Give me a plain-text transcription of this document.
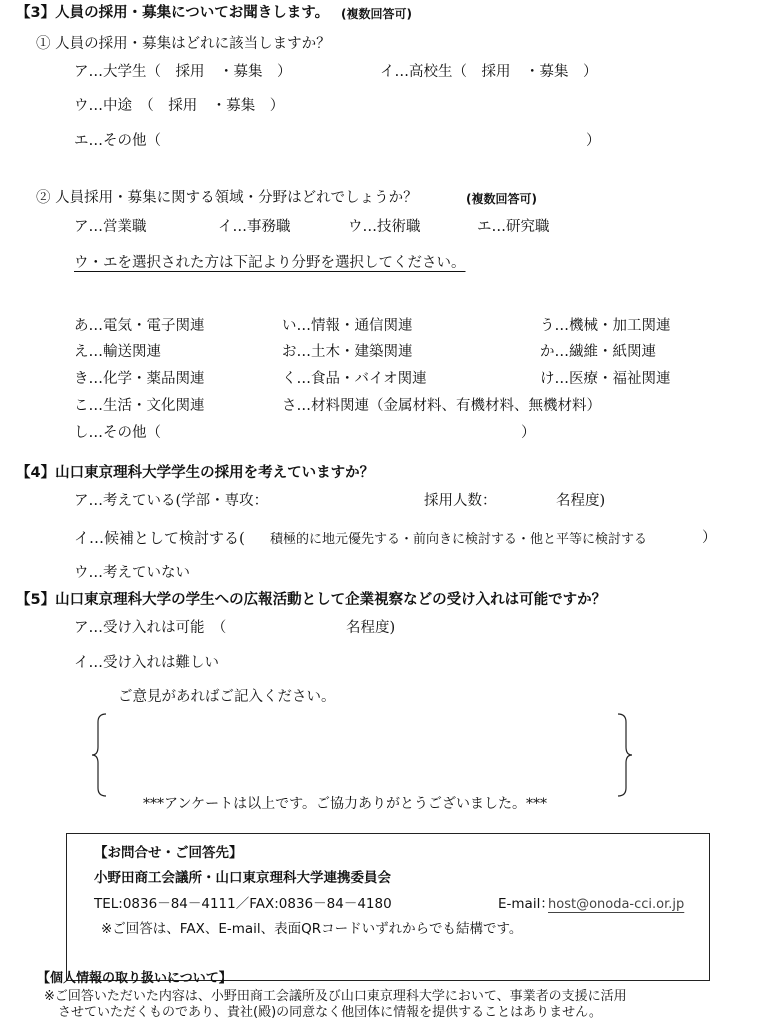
【3】人員の採用・募集についてお聞きします。 (複数回答可)
① 人員の採用・募集はどれに該当しますか？
ア…大学生（　採用　・募集　）	イ…高校生（　採用　・募集　）
ウ…中途　（　採用　・募集　）
エ…その他（	）
② 人員採用・募集に関する領域・分野はどれでしょうか？	(複数回答可)
ア…営業職	イ…事務職	ウ…技術職	エ…研究職
ウ・エを選択された方は下記より分野を選択してください。
あ…電気・電子関連	い…情報・通信関連	う…機械・加工関連
え…輸送関連	お…土木・建築関連	か…繊維・紙関連
き…化学・薬品関連	く…食品・バイオ関連	け…医療・福祉関連
こ…生活・文化関連	さ…材料関連（金属材料、有機材料、無機材料）
し…その他（	）
【4】山口東京理科大学学生の採用を考えていますか？
ア…考えている(学部・専攻：	採用人数：	名程度)
イ…候補として検討する( 積極的に地元優先する・前向きに検討する・他と平等に検討する	）
ウ…考えていない
【5】山口東京理科大学の学生への広報活動として企業視察などの受け入れは可能ですか？
ア…受け入れは可能　（	名程度)
イ…受け入れは難しい
ご意見があればご記入ください。
***アンケートは以上です。ご協力ありがとうございました。***
【お問合せ・ご回答先】
小野田商工会議所・山口東京理科大学連携委員会
TEL:0836－84－4111／FAX:0836－84－4180	E-mail：
host@onoda-cci.or.jp
※ご回答は、FAX、E-mail、表面QRコードいずれからでも結構です。
【個人情報の取り扱いについて】
※ご回答いただいた内容は、小野田商工会議所及び山口東京理科大学において、事業者の支援に活用
させていただくものであり、貴社(殿)の同意なく他団体に情報を提供することはありません。
